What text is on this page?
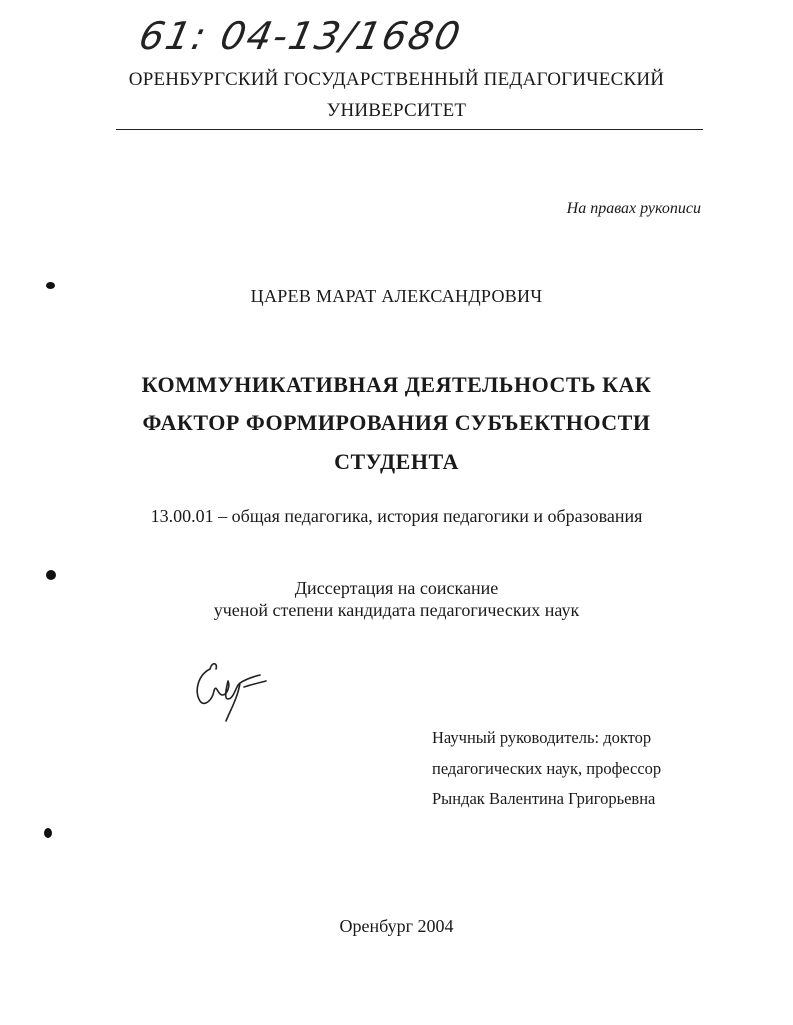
61: 04-13/1680
ОРЕНБУРГСКИЙ ГОСУДАРСТВЕННЫЙ ПЕДАГОГИЧЕСКИЙ
УНИВЕРСИТЕТ
На правах рукописи
ЦАРЕВ МАРАТ АЛЕКСАНДРОВИЧ
КОММУНИКАТИВНАЯ ДЕЯТЕЛЬНОСТЬ КАК
ФАКТОР ФОРМИРОВАНИЯ СУБЪЕКТНОСТИ
СТУДЕНТА
13.00.01 – общая педагогика, история педагогики и образования
Диссертация на соискание
ученой степени кандидата педагогических наук
Научный руководитель: доктор
педагогических наук, профессор
Рындак Валентина Григорьевна
Оренбург 2004
